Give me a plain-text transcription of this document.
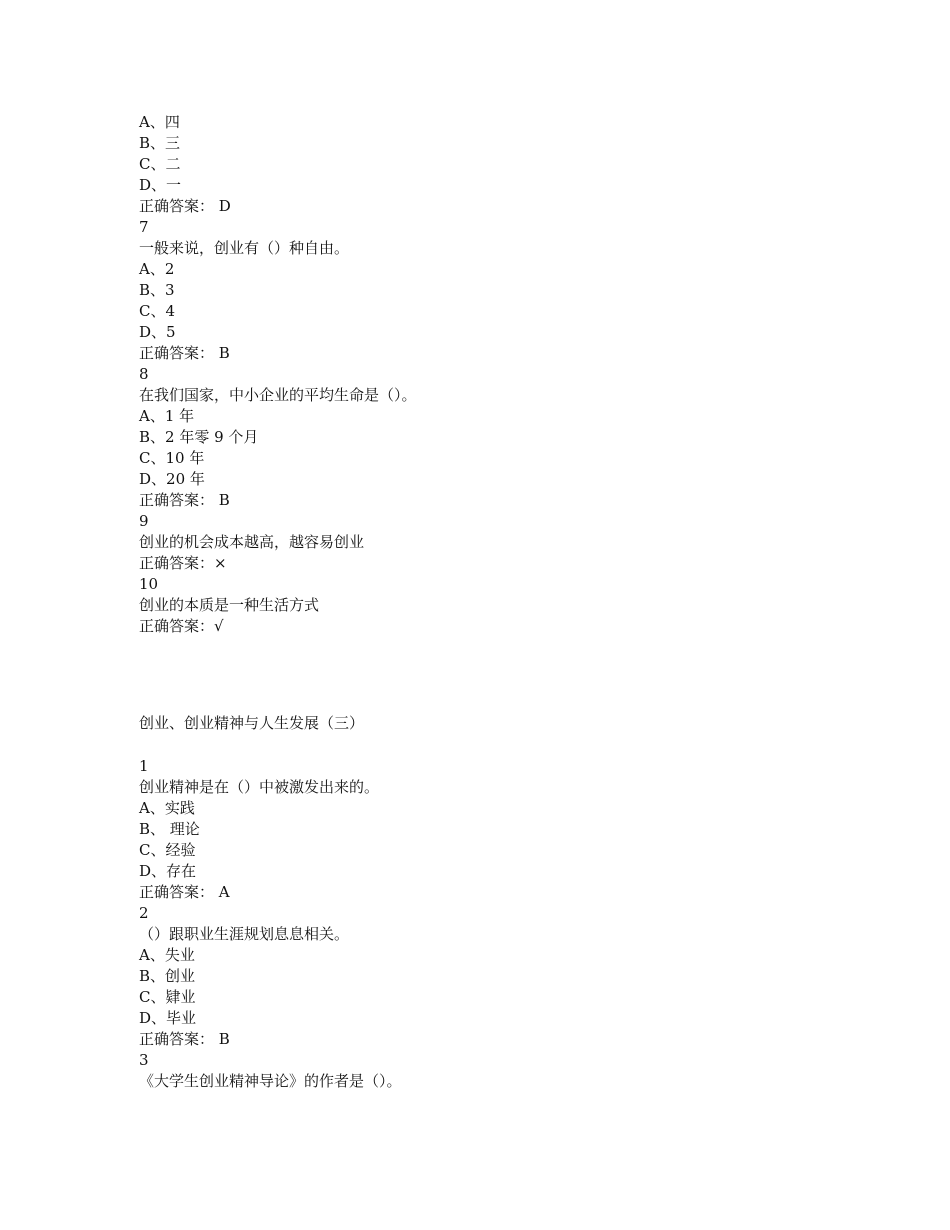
A、四
B、三
C、二
D、一
正确答案： D
7
一般来说，创业有（）种自由。
A、2
B、3
C、4
D、5
正确答案： B
8
在我们国家，中小企业的平均生命是（）。
A、1 年
B、2 年零 9 个月
C、10 年
D、20 年
正确答案： B
9
创业的机会成本越高，越容易创业
正确答案：×
10
创业的本质是一种生活方式
正确答案：√
创业、创业精神与人生发展（三）
1
创业精神是在（）中被激发出来的。
A、实践
B、 理论
C、经验
D、存在
正确答案： A
2
（）跟职业生涯规划息息相关。
A、失业
B、创业
C、肄业
D、毕业
正确答案： B
3
《大学生创业精神导论》的作者是（）。
